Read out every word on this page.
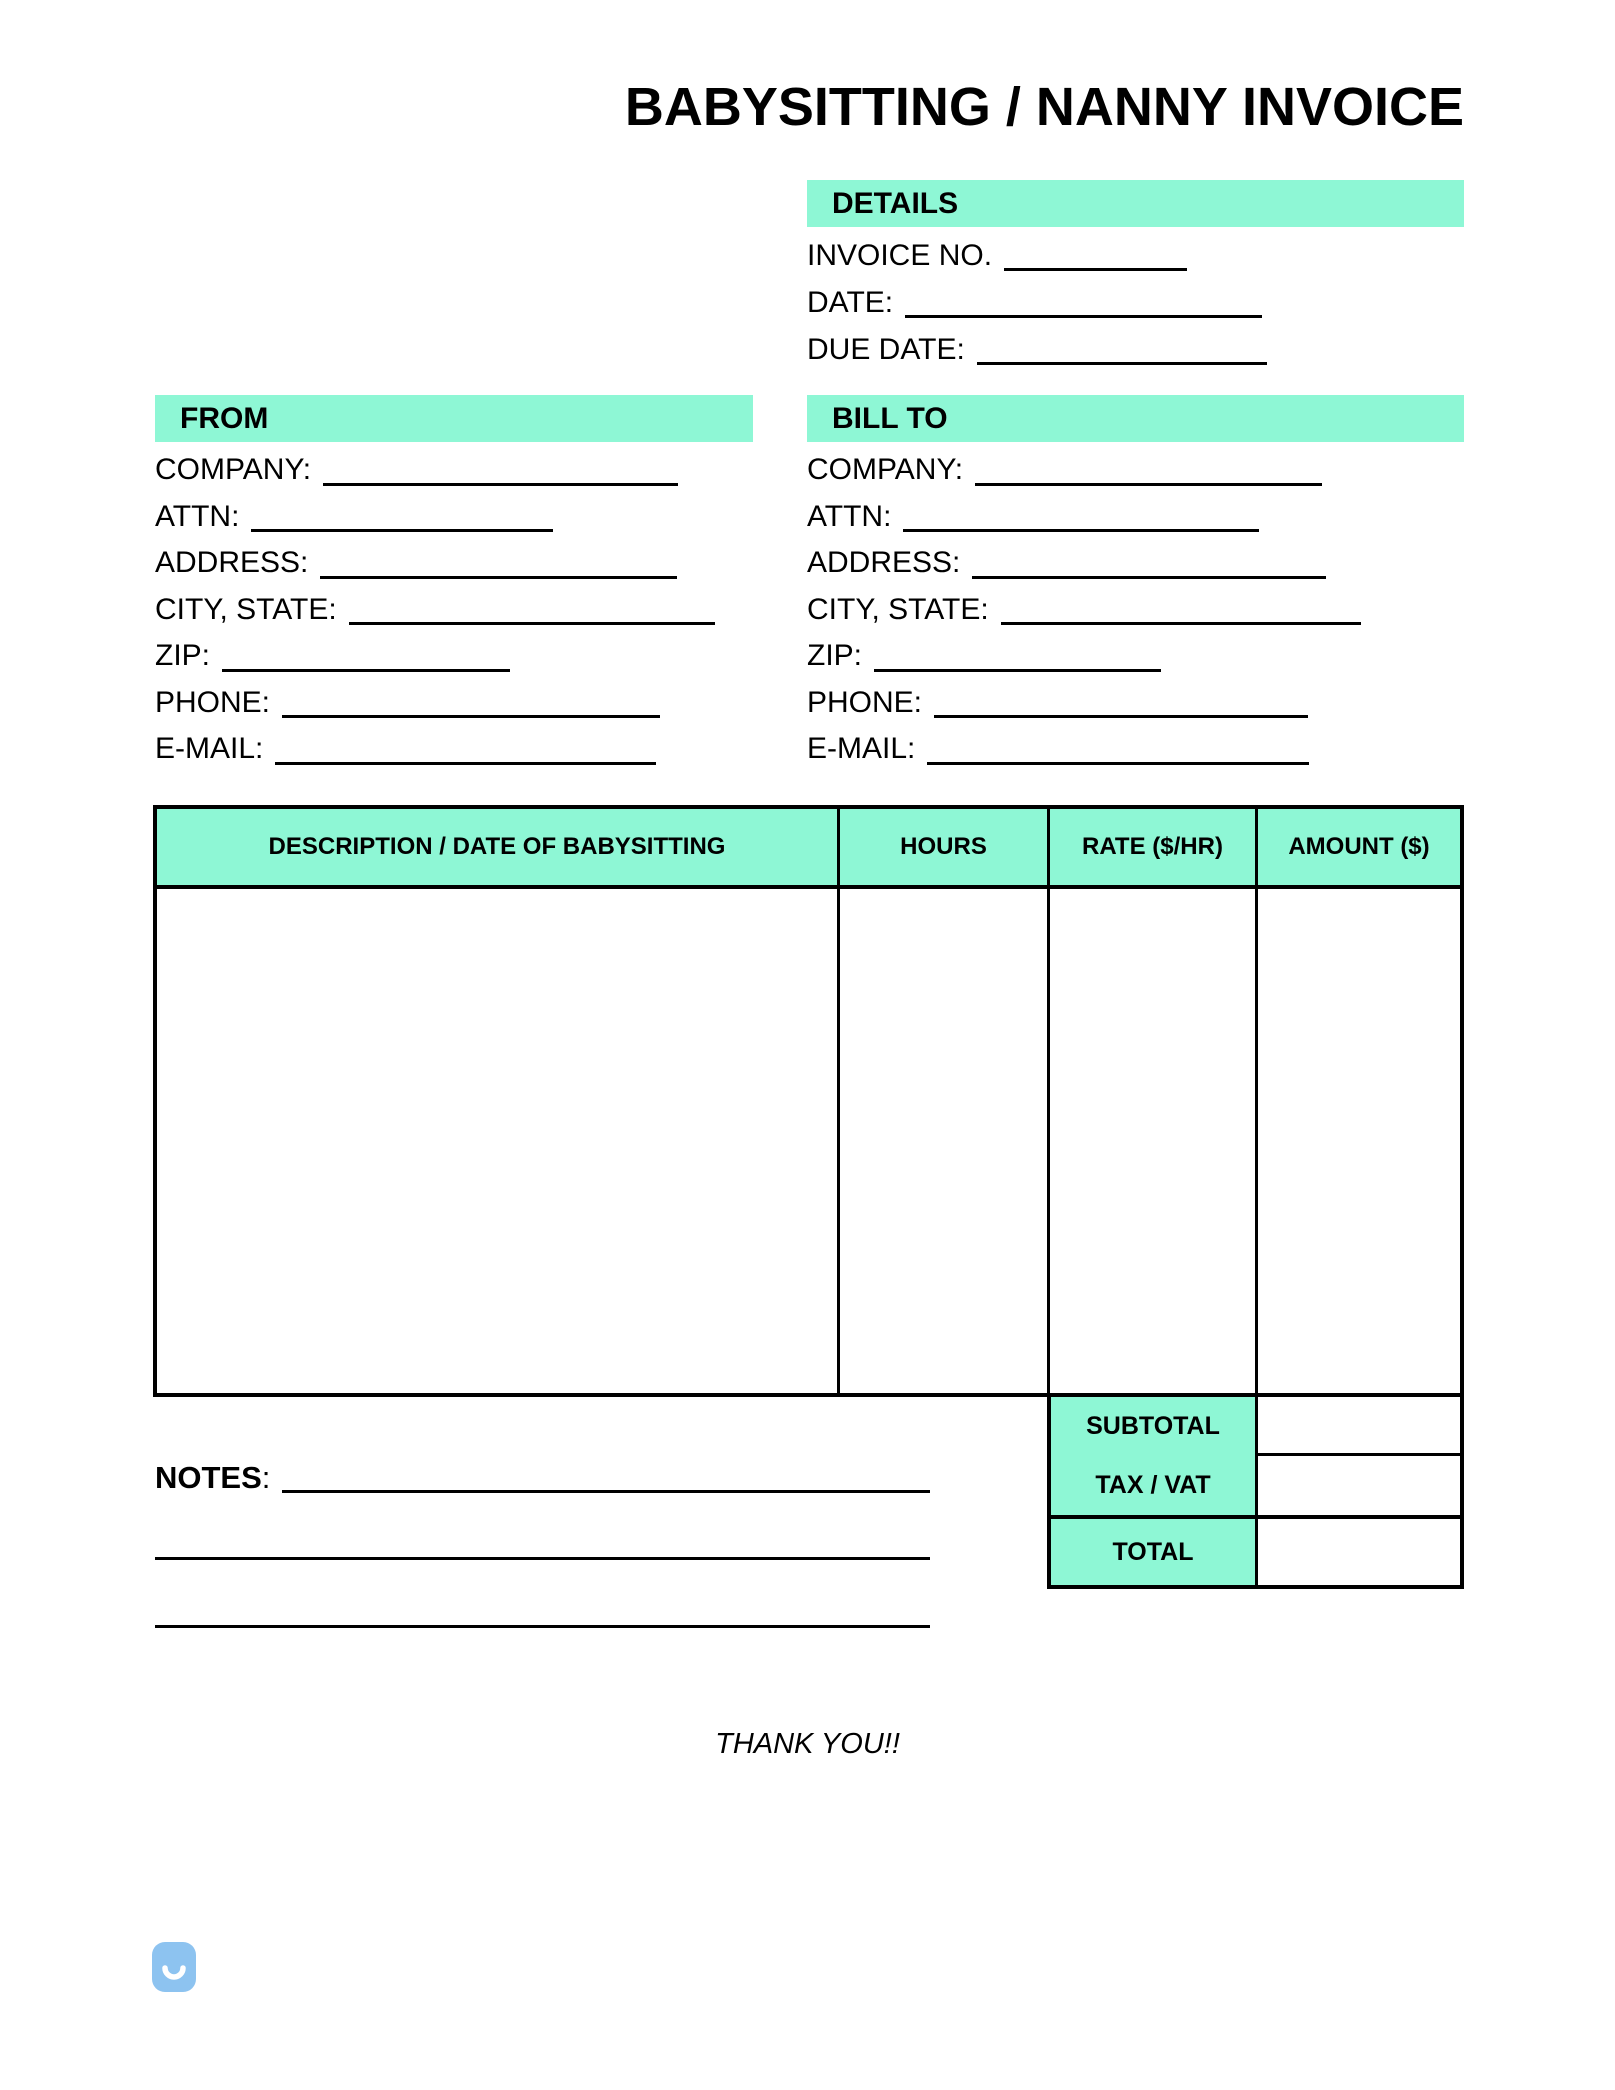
BABYSITTING / NANNY INVOICE
DETAILS
INVOICE NO.
DATE:
DUE DATE:
FROM
COMPANY:
ATTN:
ADDRESS:
CITY, STATE:
ZIP:
PHONE:
E-MAIL:
BILL TO
COMPANY:
ATTN:
ADDRESS:
CITY, STATE:
ZIP:
PHONE:
E-MAIL:
DESCRIPTION / DATE OF BABYSITTING	HOURS	RATE ($/HR)	AMOUNT ($)
SUBTOTAL
TAX / VAT
TOTAL
NOTES :
THANK YOU!!
